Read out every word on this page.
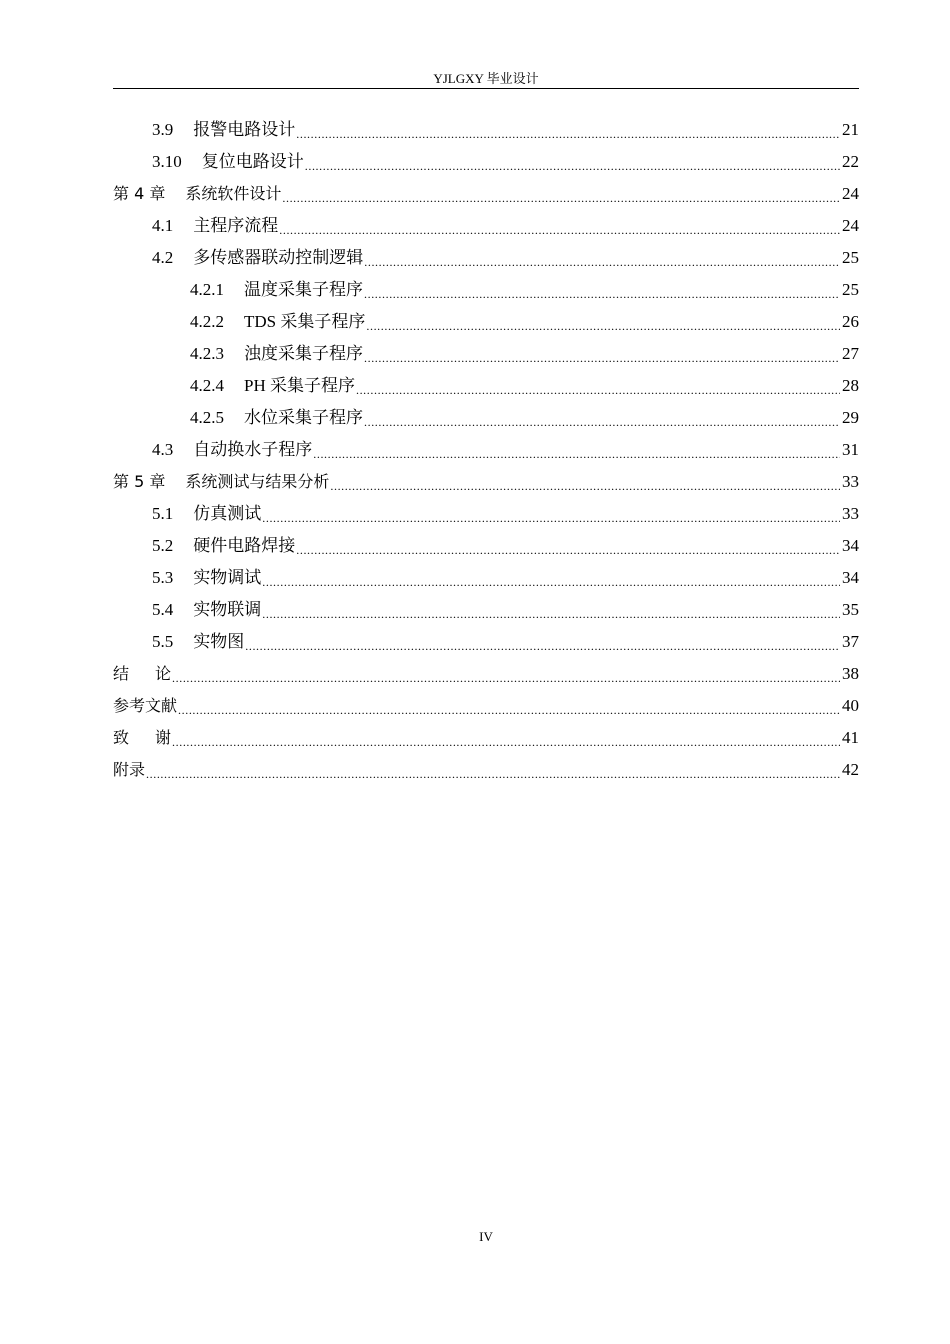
YJLGXY 毕业设计
3.9 报警电路设计 .....	21
3.10 复位电路设计 .....	22
第 4 章 系统软件设计 .....	24
4.1 主程序流程 .....	24
4.2 多传感器联动控制逻辑 .....	25
4.2.1 温度采集子程序 .....	25
4.2.2 TDS 采集子程序 .....	26
4.2.3 浊度采集子程序 .....	27
4.2.4 PH 采集子程序 .....	28
4.2.5 水位采集子程序 .....	29
4.3 自动换水子程序 .....	31
第 5 章 系统测试与结果分析 .....	33
5.1 仿真测试 .....	33
5.2 硬件电路焊接 .....	34
5.3 实物调试 .....	34
5.4 实物联调 .....	35
5.5 实物图 .....	37
结论 .....	38
参考文献 .....	40
致谢 .....	41
附录 .....	42
IV
